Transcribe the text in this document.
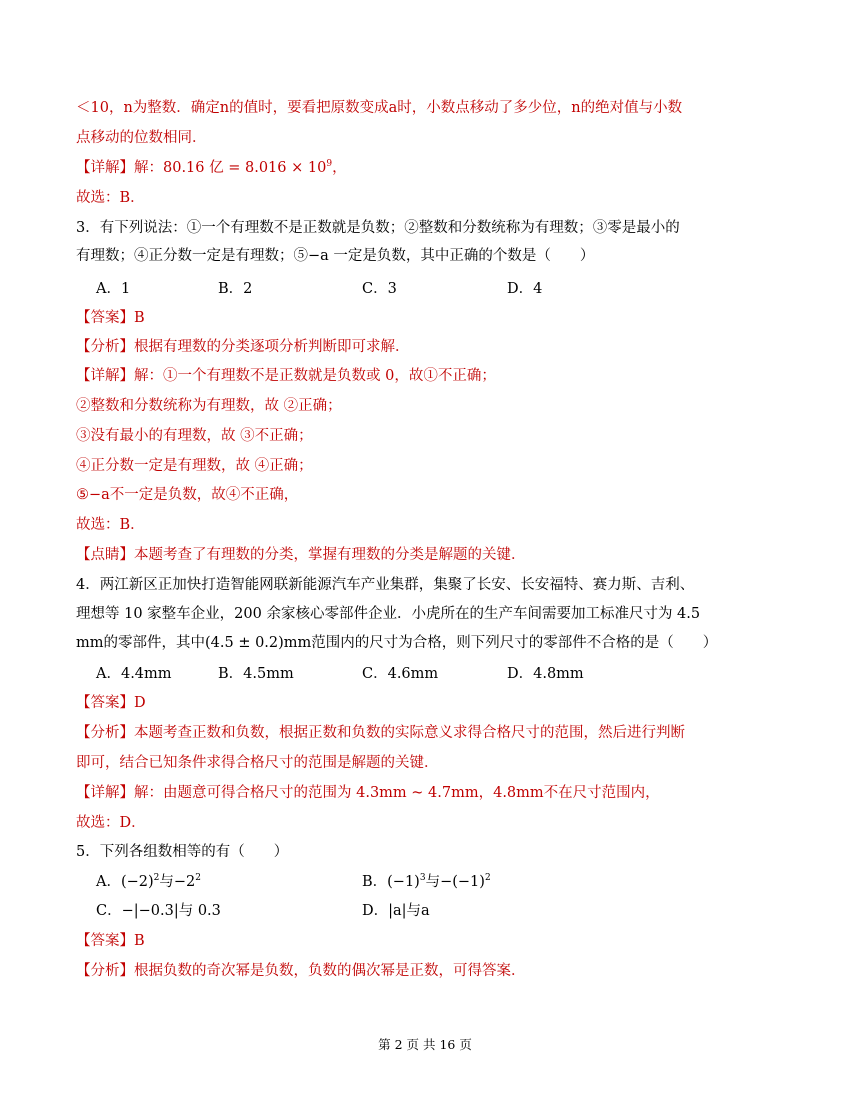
＜10，n为整数．确定n的值时，要看把原数变成a时，小数点移动了多少位，n的绝对值与小数
点移动的位数相同．
【详解】解：80.16 亿 = $8.016 \times 10^9$，
故选：B．
3．有下列说法：①一个有理数不是正数就是负数；②整数和分数统称为有理数；③零是最小的
有理数；④正分数一定是有理数；⑤−a 一定是负数，其中正确的个数是（　　）
A．1	B．2	C．3	D．4
【答案】B
【分析】根据有理数的分类逐项分析判断即可求解．
【详解】解：①一个有理数不是正数就是负数或 0，故①不正确；
②整数和分数统称为有理数，故 ②正确；
③没有最小的有理数，故 ③不正确；
④正分数一定是有理数，故 ④正确；
⑤−a不一定是负数，故④不正确，
故选：B．
【点睛】本题考查了有理数的分类，掌握有理数的分类是解题的关键．
4．两江新区正加快打造智能网联新能源汽车产业集群，集聚了长安、长安福特、赛力斯、吉利、
理想等 10 家整车企业，200 余家核心零部件企业．小虎所在的生产车间需要加工标准尺寸为 4.5
mm的零部件，其中(4.5 ± 0.2)mm范围内的尺寸为合格，则下列尺寸的零部件不合格的是（　　）
A．4.4mm	B．4.5mm	C．4.6mm	D．4.8mm
【答案】D
【分析】本题考查正数和负数，根据正数和负数的实际意义求得合格尺寸的范围，然后进行判断
即可，结合已知条件求得合格尺寸的范围是解题的关键．
【详解】解：由题意可得合格尺寸的范围为 4.3mm ~ 4.7mm，4.8mm不在尺寸范围内，
故选：D．
5．下列各组数相等的有（　　）
A．$(-2)^2$与$-2^2$	B．$(-1)^3$与$-(-1)^2$
C．−|−0.3|与 0.3	D．|a|与a
【答案】B
【分析】根据负数的奇次幂是负数，负数的偶次幂是正数，可得答案．
第 2 页 共 16 页
